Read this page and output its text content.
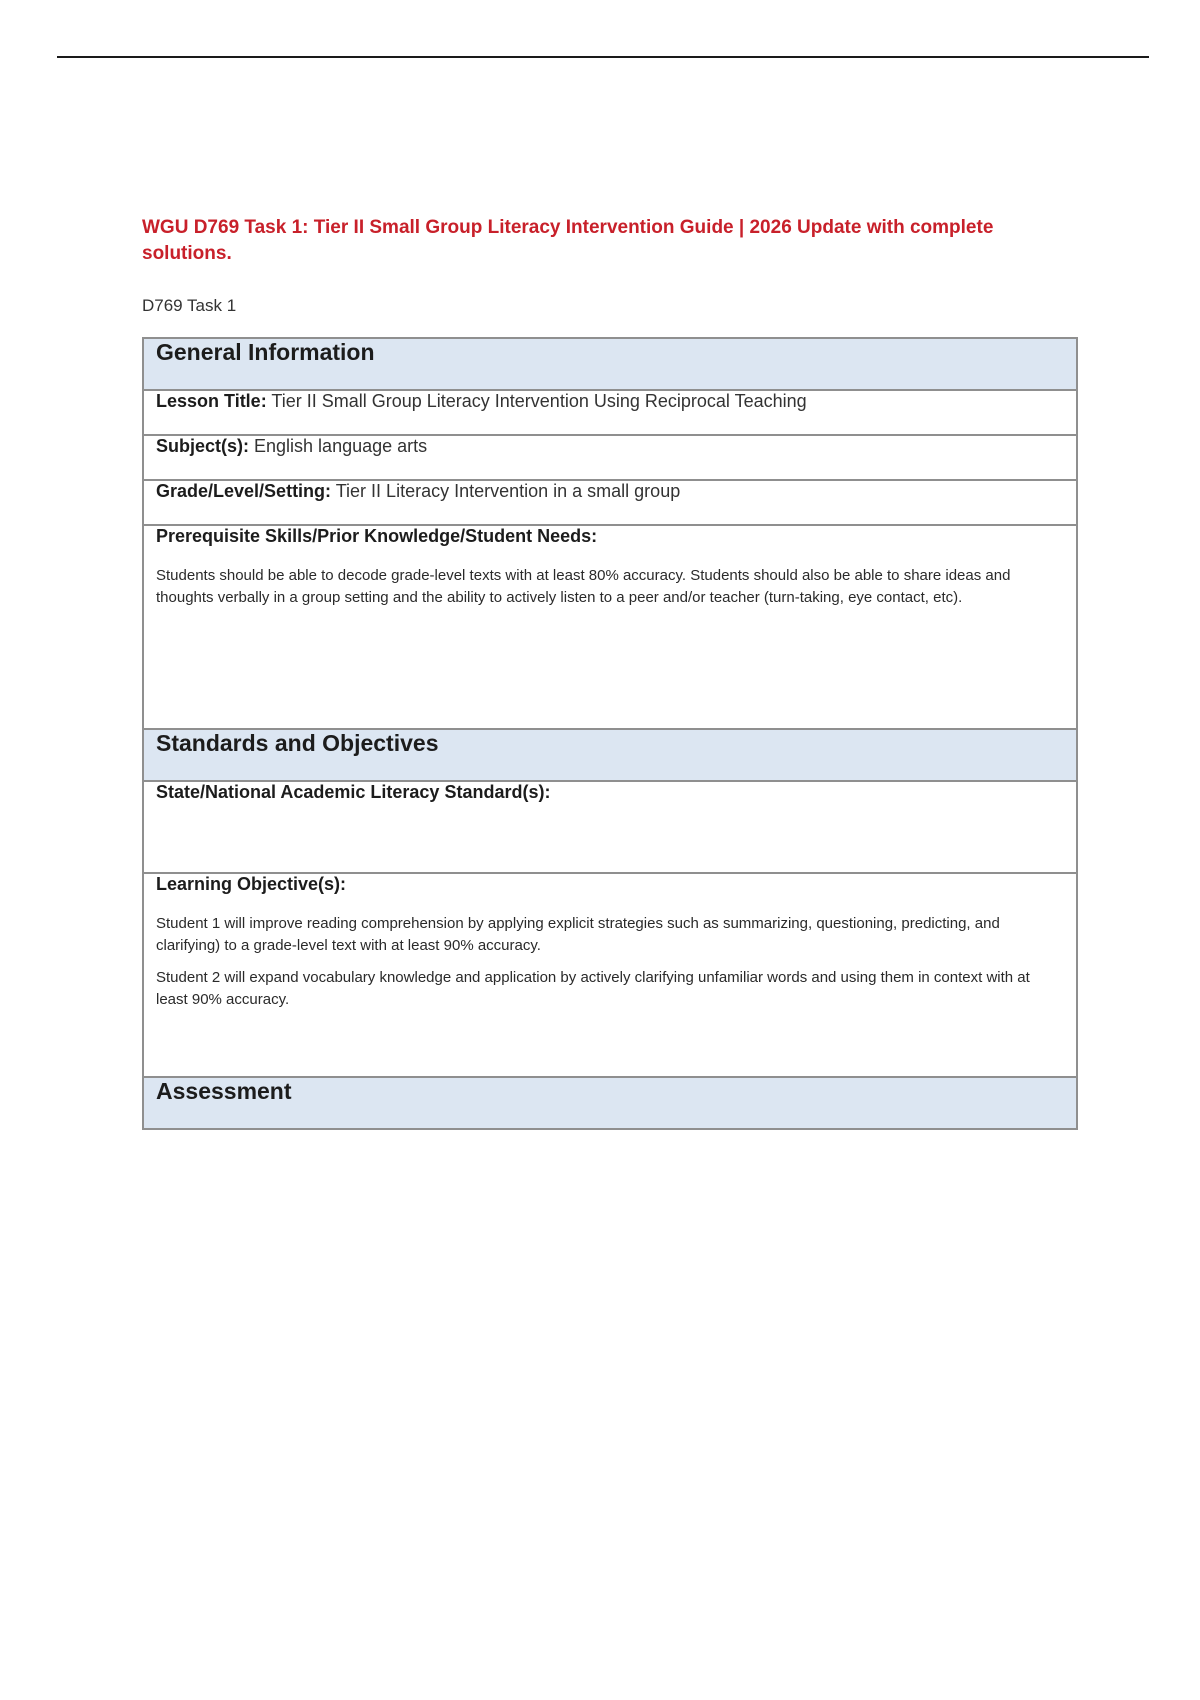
WGU D769 Task 1: Tier II Small Group Literacy Intervention Guide | 2026 Update with complete solutions.

D769 Task 1

General Information
Lesson Title: Tier II Small Group Literacy Intervention Using Reciprocal Teaching
Subject(s): English language arts
Grade/Level/Setting: Tier II Literacy Intervention in a small group

Prerequisite Skills/Prior Knowledge/Student Needs:

Students should be able to decode grade-level texts with at least 80% accuracy. Students should also be able to share ideas and thoughts verbally in a group setting and the ability to actively listen to a peer and/or teacher (turn-taking, eye contact, etc).

Standards and Objectives

State/National Academic Literacy Standard(s):

Learning Objective(s):

Student 1 will improve reading comprehension by applying explicit strategies such as summarizing, questioning, predicting, and clarifying) to a grade-level text with at least 90% accuracy.

Student 2 will expand vocabulary knowledge and application by actively clarifying unfamiliar words and using them in context with at least 90% accuracy.

Assessment
